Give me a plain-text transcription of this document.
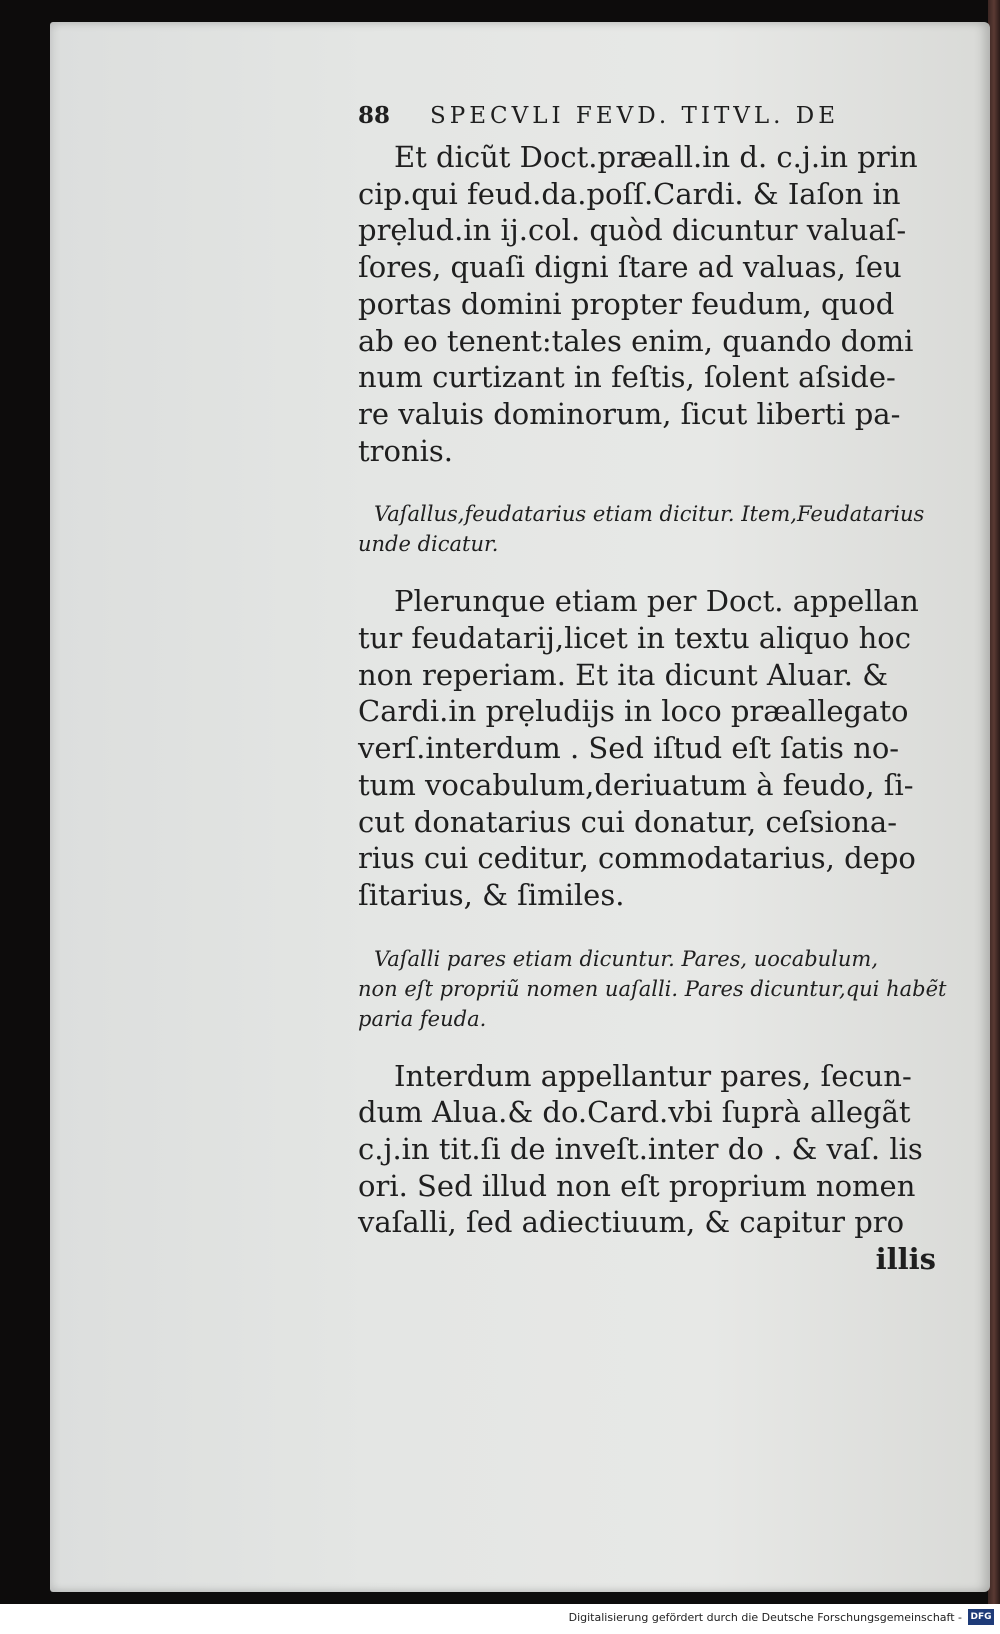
88 SPECVLI FEVD. TITVL. DE

Et dicũt Doct.præall.in d. c.j.in prin
cip.qui feud.da.poſſ.Cardi. & Iaſon in
prẹlud.in ij.col. quòd dicuntur valuaſ-
ſores, quaſi digni ſtare ad valuas, ſeu
portas domini propter feudum, quod
ab eo tenent:tales enim, quando domi
num curtizant in feſtis, ſolent aſside-
re valuis dominorum, ſicut liberti pa-
tronis.

Vaſallus,feudatarius etiam dicitur. Item,Feudatarius
unde dicatur.

Plerunque etiam per Doct. appellan
tur feudatarij,licet in textu aliquo hoc
non reperiam. Et ita dicunt Aluar. &
Cardi.in prẹludijs in loco præallegato
verſ.interdum . Sed iſtud eſt ſatis no-
tum vocabulum,deriuatum à feudo, ſi-
cut donatarius cui donatur, ceſsiona-
rius cui ceditur, commodatarius, depo
ſitarius, & ſimiles.

Vaſalli pares etiam dicuntur. Pares, uocabulum,
non eſt propriũ nomen uaſalli. Pares dicuntur,qui habẽt
paria feuda.

Interdum appellantur pares, ſecun-
dum Alua.& do.Card.vbi ſuprà allegãt
c.j.in tit.ſi de inveſt.inter do . & vaſ. lis
ori. Sed illud non eſt proprium nomen
vaſalli, ſed adiectiuum, & capitur pro
illis

Digitalisierung gefördert durch die Deutsche Forschungsgemeinschaft - DFG
